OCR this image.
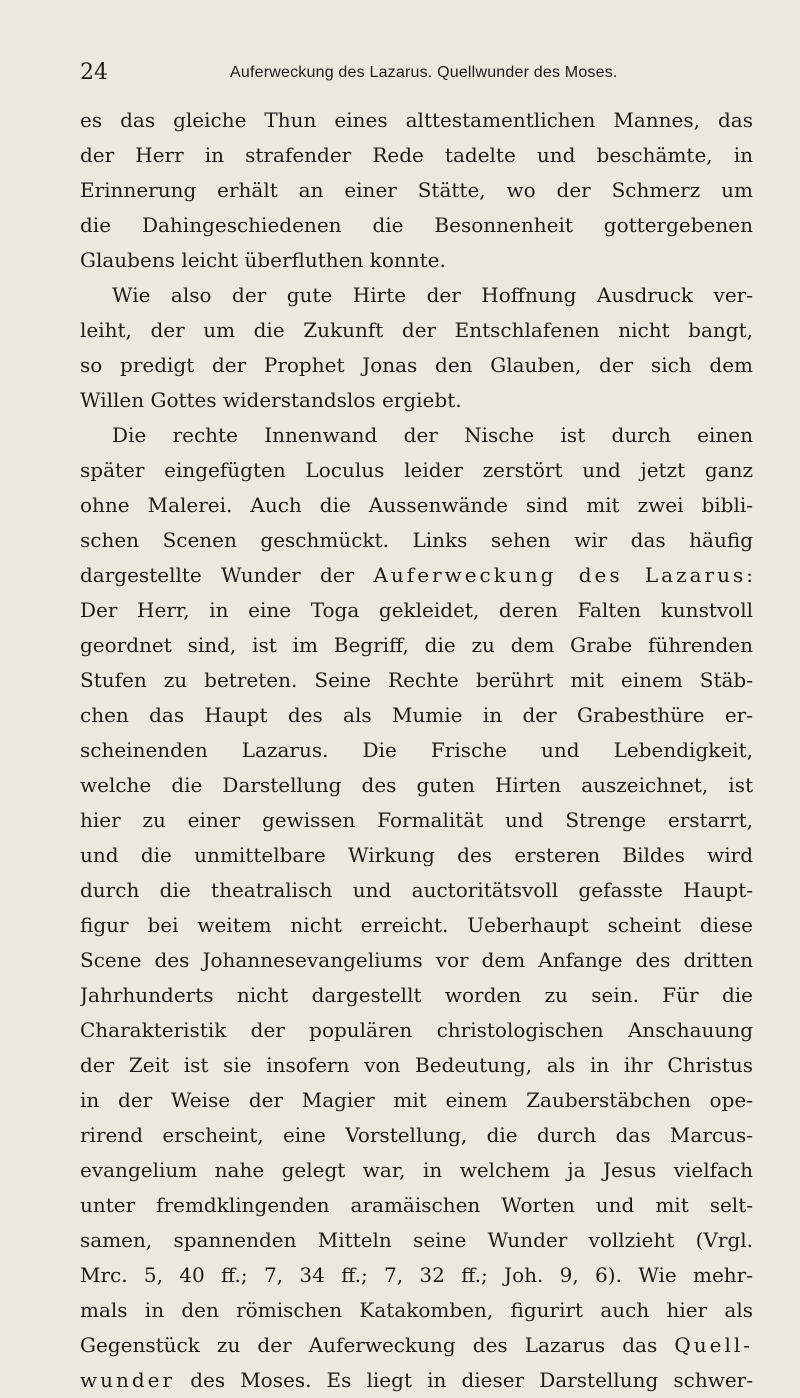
24	Auferweckung des Lazarus. Quellwunder des Moses.
es das gleiche Thun eines alttestamentlichen Mannes, das
der Herr in strafender Rede tadelte und beschämte, in
Erinnerung erhält an einer Stätte, wo der Schmerz um
die Dahingeschiedenen die Besonnenheit gottergebenen
Glaubens leicht überfluthen konnte.
Wie also der gute Hirte der Hoffnung Ausdruck ver-
leiht, der um die Zukunft der Entschlafenen nicht bangt,
so predigt der Prophet Jonas den Glauben, der sich dem
Willen Gottes widerstandslos ergiebt.
Die rechte Innenwand der Nische ist durch einen
später eingefügten Loculus leider zerstört und jetzt ganz
ohne Malerei. Auch die Aussenwände sind mit zwei bibli-
schen Scenen geschmückt. Links sehen wir das häufig
dargestellte Wunder der Auferweckung des Lazarus:
Der Herr, in eine Toga gekleidet, deren Falten kunstvoll
geordnet sind, ist im Begriff, die zu dem Grabe führenden
Stufen zu betreten. Seine Rechte berührt mit einem Stäb-
chen das Haupt des als Mumie in der Grabesthüre er-
scheinenden Lazarus. Die Frische und Lebendigkeit,
welche die Darstellung des guten Hirten auszeichnet, ist
hier zu einer gewissen Formalität und Strenge erstarrt,
und die unmittelbare Wirkung des ersteren Bildes wird
durch die theatralisch und auctoritätsvoll gefasste Haupt-
figur bei weitem nicht erreicht. Ueberhaupt scheint diese
Scene des Johannesevangeliums vor dem Anfange des dritten
Jahrhunderts nicht dargestellt worden zu sein. Für die
Charakteristik der populären christologischen Anschauung
der Zeit ist sie insofern von Bedeutung, als in ihr Christus
in der Weise der Magier mit einem Zauberstäbchen ope-
rirend erscheint, eine Vorstellung, die durch das Marcus-
evangelium nahe gelegt war, in welchem ja Jesus vielfach
unter fremdklingenden aramäischen Worten und mit selt-
samen, spannenden Mitteln seine Wunder vollzieht (Vrgl.
Mrc. 5, 40 ff.; 7, 34 ff.; 7, 32 ff.; Joh. 9, 6). Wie mehr-
mals in den römischen Katakomben, figurirt auch hier als
Gegenstück zu der Auferweckung des Lazarus das Quell-
wunder des Moses. Es liegt in dieser Darstellung schwer-
